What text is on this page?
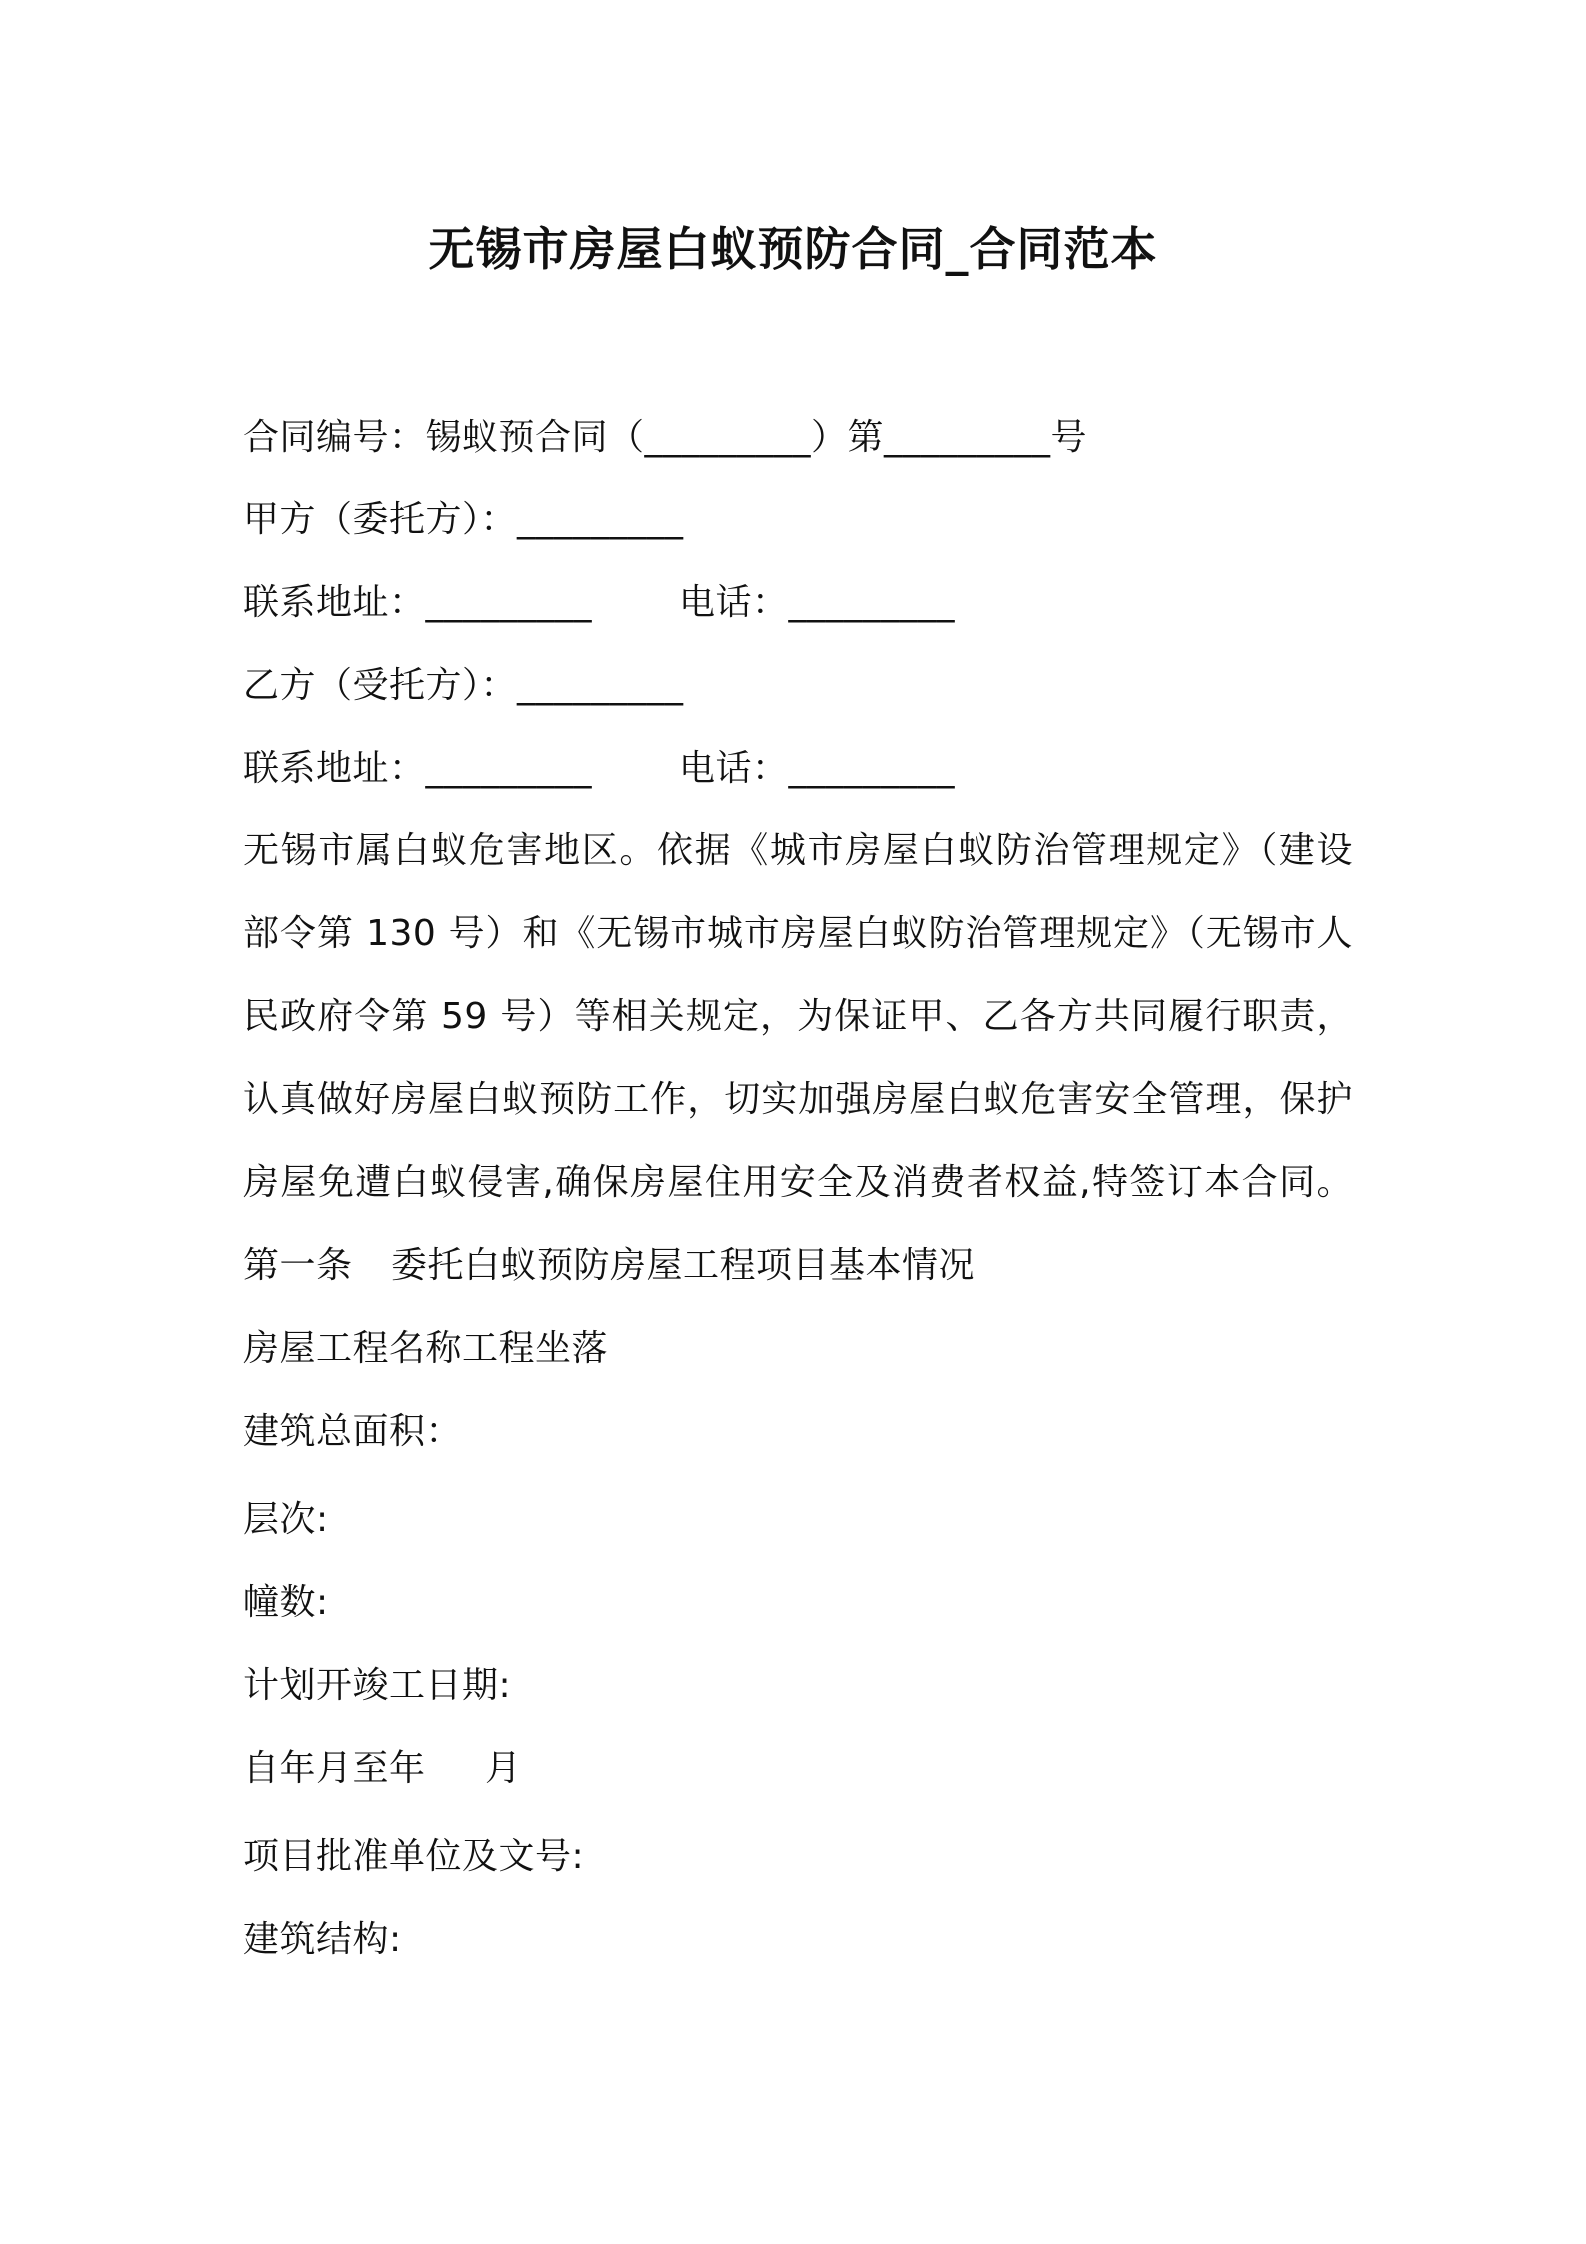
无锡市房屋白蚁预防合同_合同范本
合同编号：锡蚁预合同（_________）第_________号
甲方（委托方）：_________
联系地址：_________ 电话：_________
乙方（受托方）：_________
联系地址：_________ 电话：_________
无锡市属白蚁危害地区。依据《城市房屋白蚁防治管理规定》（建设
部令第 130 号）和《无锡市城市房屋白蚁防治管理规定》（无锡市人
民政府令第 59 号）等相关规定，为保证甲、乙各方共同履行职责，
认真做好房屋白蚁预防工作，切实加强房屋白蚁危害安全管理，保护
房屋免遭白蚁侵害,确保房屋住用安全及消费者权益,特签订本合同。
第一条 委托白蚁预防房屋工程项目基本情况
房屋工程名称工程坐落
建筑总面积：
层次:
幢数:
计划开竣工日期:
自年月至年 月
项目批准单位及文号:
建筑结构:
